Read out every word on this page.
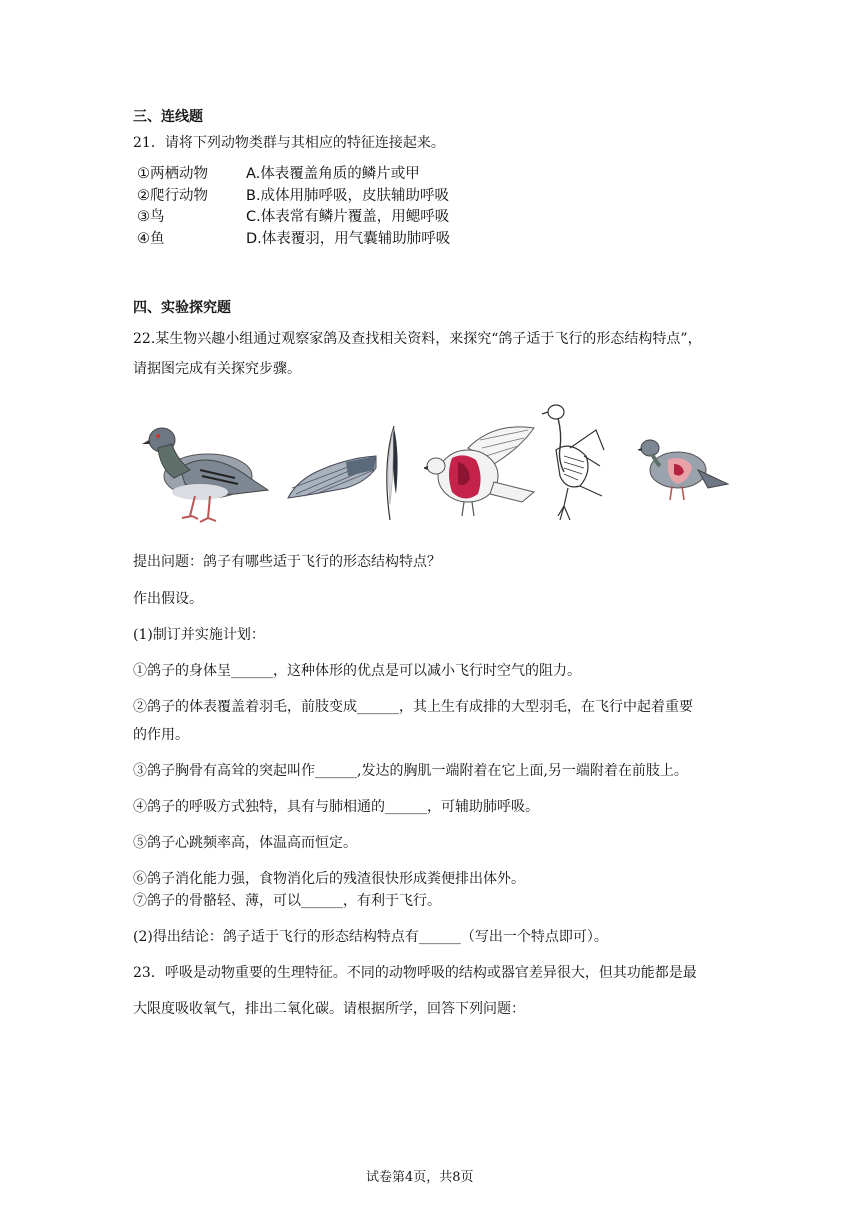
三、连线题
21．请将下列动物类群与其相应的特征连接起来。
①两栖动物
②爬行动物
③鸟
④鱼
A.体表覆盖角质的鳞片或甲
B.成体用肺呼吸，皮肤辅助呼吸
C.体表常有鳞片覆盖，用鳃呼吸
D.体表覆羽，用气囊辅助肺呼吸
四、实验探究题
22.某生物兴趣小组通过观察家鸽及查找相关资料，来探究“鸽子适于飞行的形态结构特点”，
请据图完成有关探究步骤。
提出问题：鸽子有哪些适于飞行的形态结构特点？
作出假设。
(1)制订并实施计划：
①鸽子的身体呈______，这种体形的优点是可以减小飞行时空气的阻力。
②鸽子的体表覆盖着羽毛，前肢变成______，其上生有成排的大型羽毛，在飞行中起着重要
的作用。
③鸽子胸骨有高耸的突起叫作______,发达的胸肌一端附着在它上面,另一端附着在前肢上。
④鸽子的呼吸方式独特，具有与肺相通的______，可辅助肺呼吸。
⑤鸽子心跳频率高，体温高而恒定。
⑥鸽子消化能力强，食物消化后的残渣很快形成粪便排出体外。
⑦鸽子的骨骼轻、薄，可以______，有利于飞行。
(2)得出结论：鸽子适于飞行的形态结构特点有______（写出一个特点即可）。
23．呼吸是动物重要的生理特征。不同的动物呼吸的结构或器官差异很大，但其功能都是最
大限度吸收氧气，排出二氧化碳。请根据所学，回答下列问题：
试卷第4页，共8页
